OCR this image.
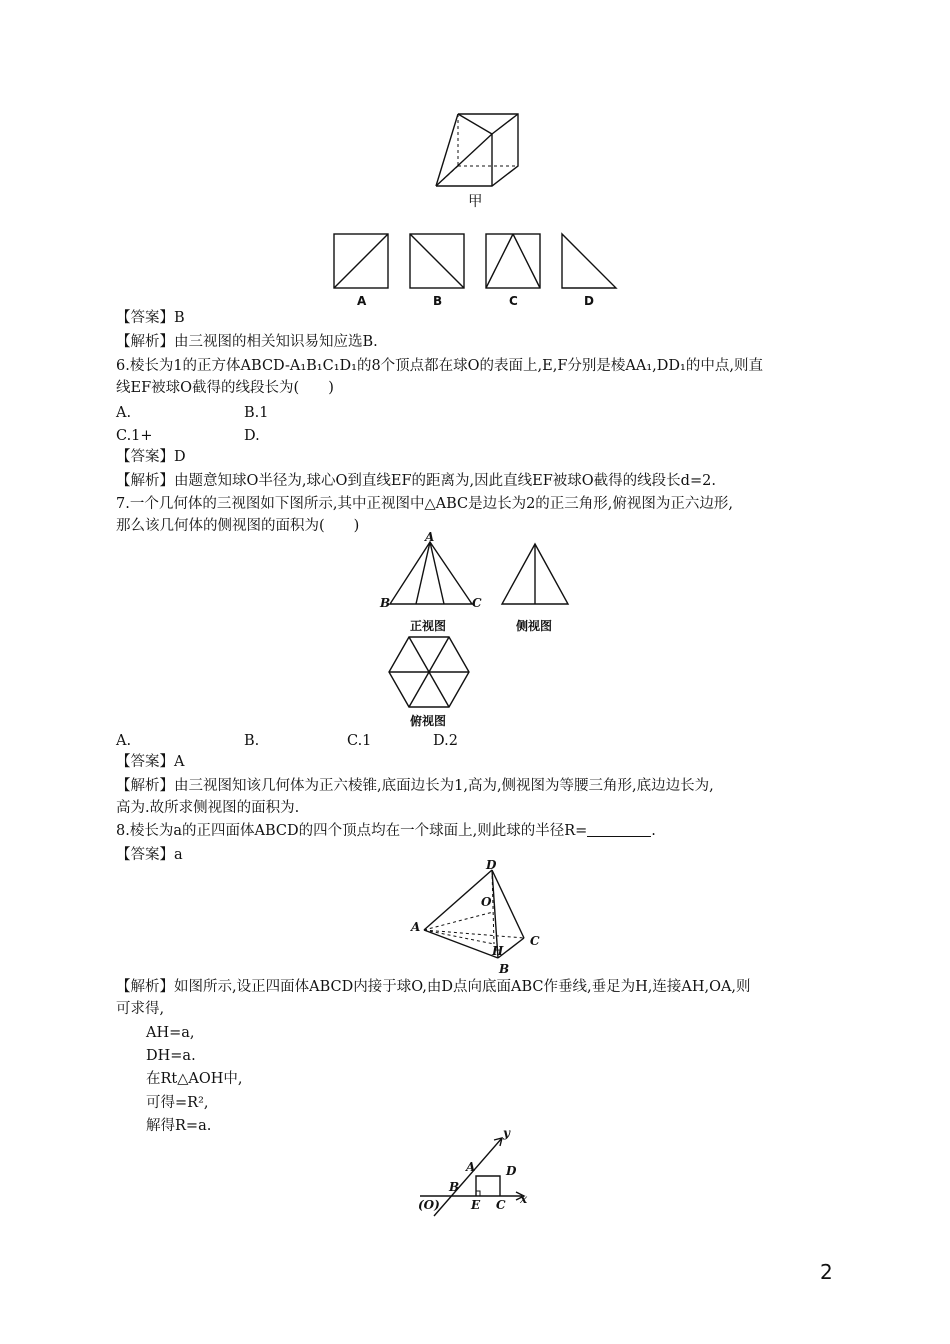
甲
A	B	C	D
【答案】B
【解析】由三视图的相关知识易知应选B.
6.棱长为1的正方体ABCD-A₁B₁C₁D₁的8个顶点都在球O的表面上,E,F分别是棱AA₁,DD₁的中点,则直
线EF被球O截得的线段长为(　　)
A.	B.1
C.1+	D.
【答案】D
【解析】由题意知球O半径为,球心O到直线EF的距离为,因此直线EF被球O截得的线段长d=2.
7.一个几何体的三视图如下图所示,其中正视图中△ABC是边长为2的正三角形,俯视图为正六边形,
那么该几何体的侧视图的面积为(　　)
A
B	C
正视图	侧视图
俯视图
A.	B.	C.1	D.2
【答案】A
【解析】由三视图知该几何体为正六棱锥,底面边长为1,高为,侧视图为等腰三角形,底边边长为,
高为.故所求侧视图的面积为.
8.棱长为a的正四面体ABCD的四个顶点均在一个球面上,则此球的半径R=	.
【答案】a
D
O
A
C
H
B
【解析】如图所示,设正四面体ABCD内接于球O,由D点向底面ABC作垂线,垂足为H,连接AH,OA,则
可求得,
AH=a,
DH=a.
在Rt△AOH中,
可得=R²,
解得R=a.	y
A	D
B
(O)	E C x
2
